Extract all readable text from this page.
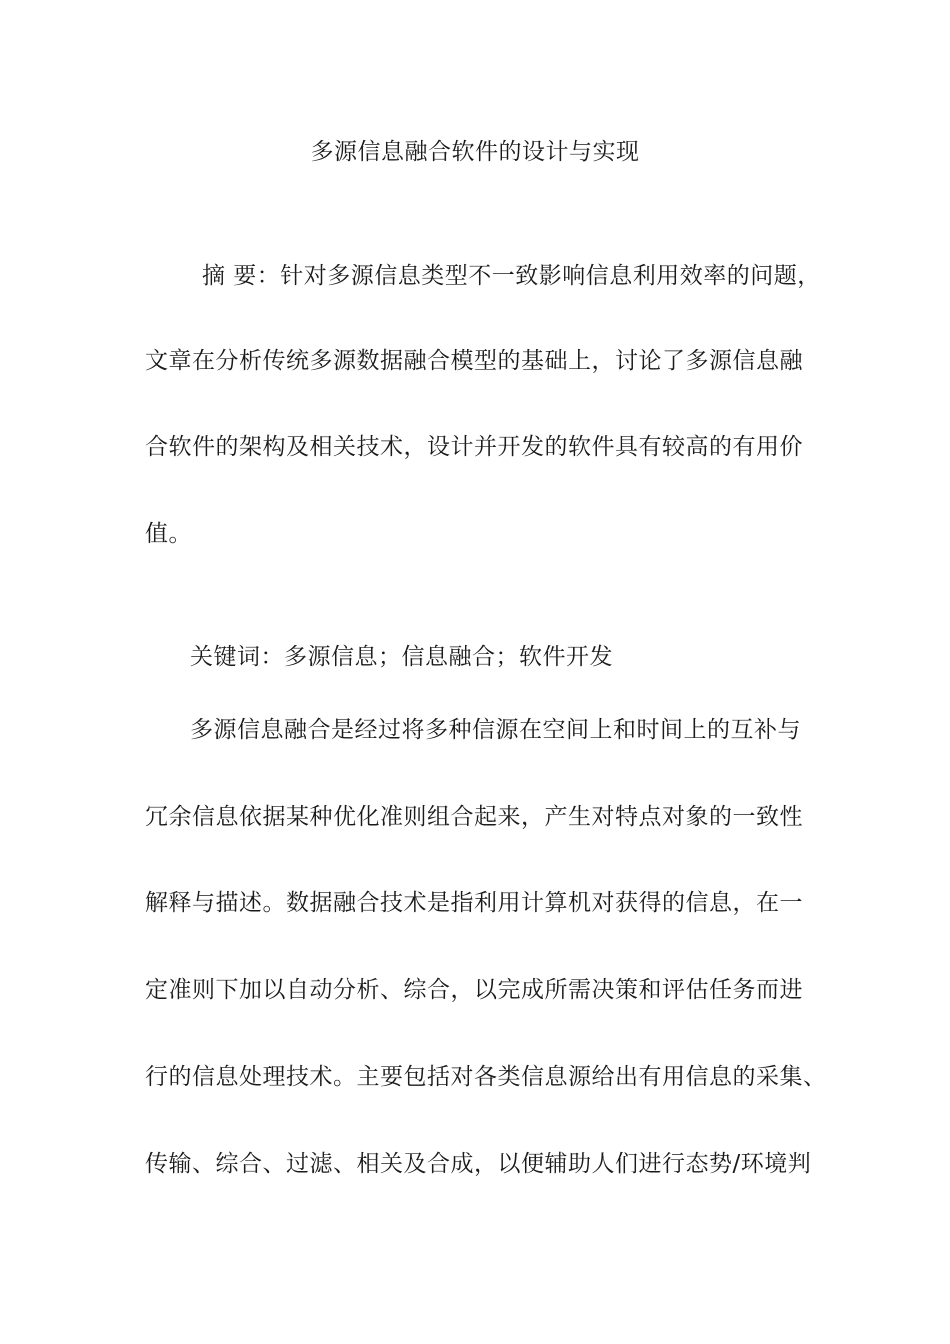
多源信息融合软件的设计与实现
摘 要：针对多源信息类型不一致影响信息利用效率的问题，
文章在分析传统多源数据融合模型的基础上，讨论了多源信息融
合软件的架构及相关技术，设计并开发的软件具有较高的有用价
值。
关键词：多源信息；信息融合；软件开发
多源信息融合是经过将多种信源在空间上和时间上的互补与
冗余信息依据某种优化准则组合起来，产生对特点对象的一致性
解释与描述。数据融合技术是指利用计算机对获得的信息，在一
定准则下加以自动分析、综合，以完成所需决策和评估任务而进
行的信息处理技术。主要包括对各类信息源给出有用信息的采集、
传输、综合、过滤、相关及合成，以便辅助人们进行态势/环境判
